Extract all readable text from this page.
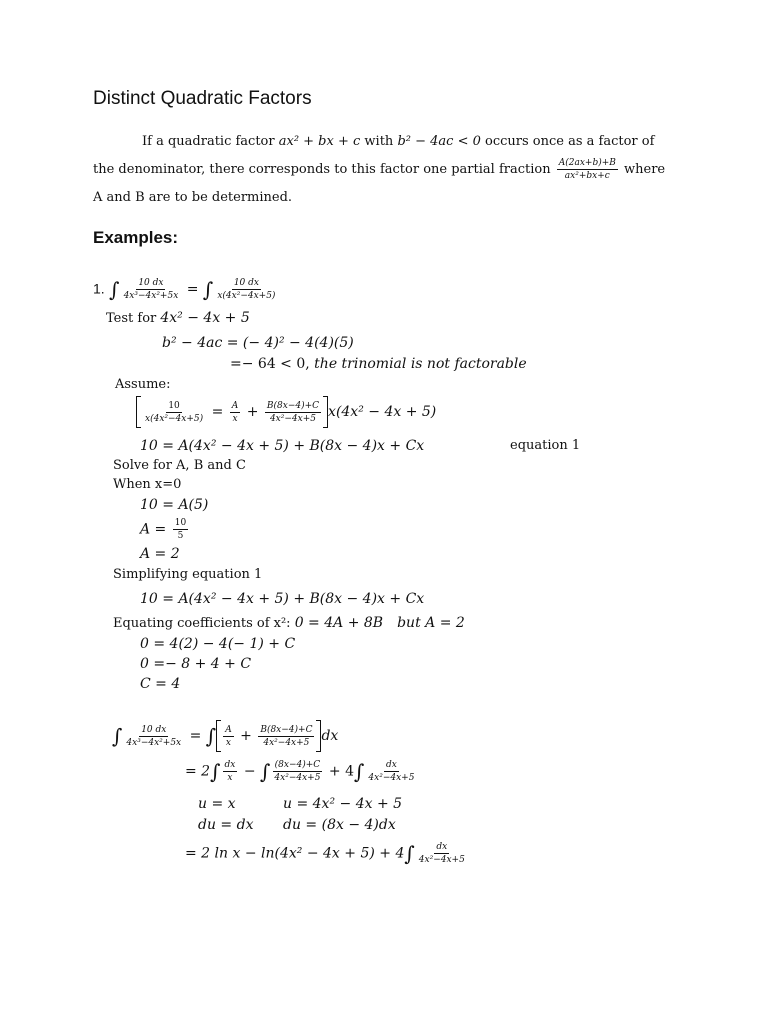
Distinct Quadratic Factors
If a quadratic factor ax² + bx + c with b² − 4ac < 0 occurs once as a factor of
the denominator, there corresponds to this factor one partial fraction $\frac{A(2ax+b)+B}{\text{ax²+bx+c}}$ where
A and B are to be determined.
Examples:
1. ∫ $\frac{10 dx}{\text{4x³−4x²+5x}}$ = ∫ $\frac{10 dx}{\text{x(4x²−4x+5)}}$
Test for 4x² − 4x + 5
b² − 4ac = (− 4)² − 4(4)(5)
=− 64 < 0, the trinomial is not factorable
Assume:
$\frac{10}{\text{x(4x²−4x+5)}} = \frac{A}{x} + \frac{B(8x-4)+C}{\text{4x²−4x+5}} x(4x^2 - 4x + 5)$
10 = A(4x² − 4x + 5) + B(8x − 4)x + Cx	equation 1
Solve for A, B and C
When x=0
10 = A(5)
$A = \frac{10}{5}$
A = 2
Simplifying equation 1
10 = A(4x² − 4x + 5) + B(8x − 4)x + Cx
Equating coefficients of x²: 0 = 4A + 8B but A = 2
0 = 4(2) − 4(− 1) + C
0 =− 8 + 4 + C
C = 4
∫ $\frac{10 dx}{\text{4x³−4x²+5x}}$ = ∫ $\frac{A}{x} + \frac{B(8x-4)+C}{\text{4x²−4x+5}}$ dx
= $2\int \frac{dx}{x}$ − ∫ $\frac{(8x-4)+C}{\text{4x²−4x+5}} + 4\int \frac{dx}{\text{4x²−4x+5}}$
u = x	u = 4x² − 4x + 5
du = dx du = (8x − 4)dx
= 2 $\ln x - \ln(4x^2 - 4x + 5) + 4\int \frac{dx}{\text{4x²−4x+5}}$
